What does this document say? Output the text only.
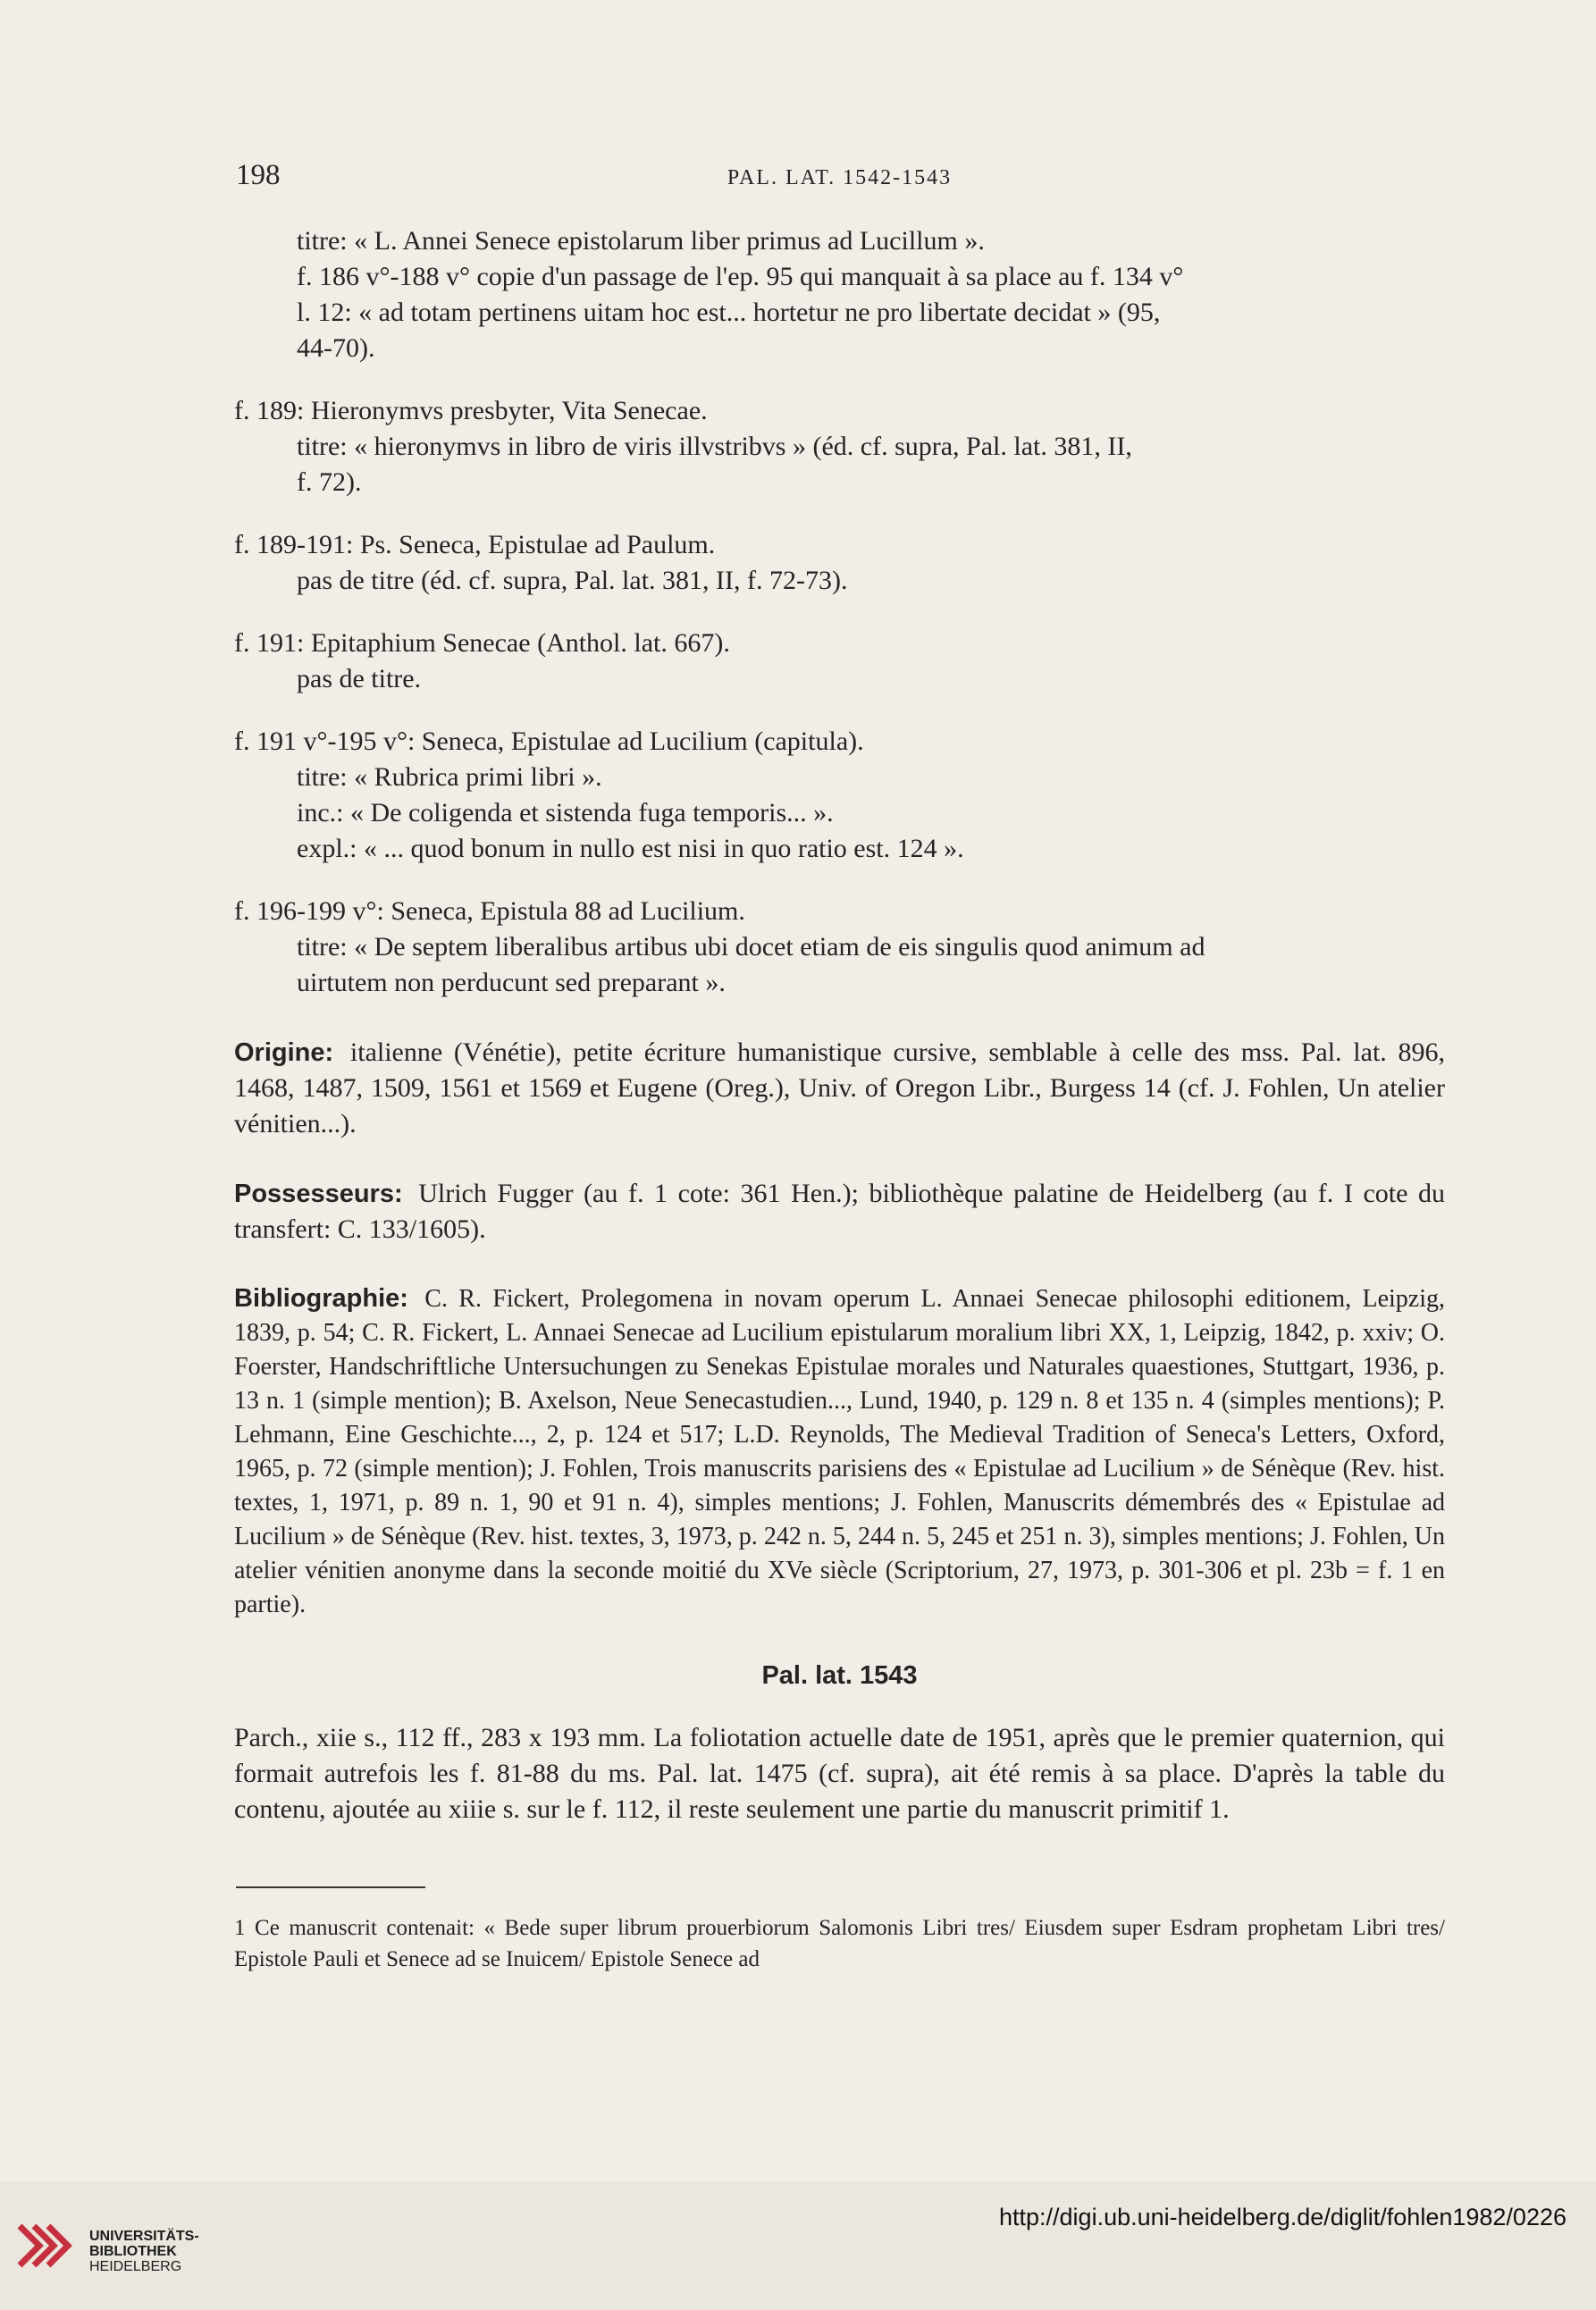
198	PAL. LAT. 1542-1543
titre: « L. Annei Senece epistolarum liber primus ad Lucillum ».
f. 186 v°-188 v° copie d'un passage de l'ep. 95 qui manquait à sa place au f. 134 v°
l. 12: « ad totam pertinens uitam hoc est... hortetur ne pro libertate decidat » (95,
44-70).
f. 189: Hieronymvs presbyter, Vita Senecae.
titre: « hieronymvs in libro de viris illvstribvs » (éd. cf. supra, Pal. lat. 381, II,
f. 72).
f. 189-191: Ps. Seneca, Epistulae ad Paulum.
pas de titre (éd. cf. supra, Pal. lat. 381, II, f. 72-73).
f. 191: Epitaphium Senecae (Anthol. lat. 667).
pas de titre.
f. 191 v°-195 v°: Seneca, Epistulae ad Lucilium (capitula).
titre: « Rubrica primi libri ».
inc.: « De coligenda et sistenda fuga temporis... ».
expl.: « ... quod bonum in nullo est nisi in quo ratio est. 124 ».
f. 196-199 v°: Seneca, Epistula 88 ad Lucilium.
titre: « De septem liberalibus artibus ubi docet etiam de eis singulis quod animum ad
uirtutem non perducunt sed preparant ».
Origine: italienne (Vénétie), petite écriture humanistique cursive, semblable à celle des mss. Pal. lat. 896, 1468, 1487, 1509, 1561 et 1569 et Eugene (Oreg.), Univ. of Oregon Libr., Burgess 14 (cf. J. Fohlen, Un atelier vénitien...).
Possesseurs: Ulrich Fugger (au f. 1 cote: 361 Hen.); bibliothèque palatine de Heidelberg (au f. I cote du transfert: C. 133/1605).
Bibliographie: C. R. Fickert, Prolegomena in novam operum L. Annaei Senecae philosophi editionem, Leipzig, 1839, p. 54; C. R. Fickert, L. Annaei Senecae ad Lucilium epistularum moralium libri XX, 1, Leipzig, 1842, p. xxiv; O. Foerster, Handschriftliche Untersuchungen zu Senekas Epistulae morales und Naturales quaestiones, Stuttgart, 1936, p. 13 n. 1 (simple mention); B. Axelson, Neue Senecastudien..., Lund, 1940, p. 129 n. 8 et 135 n. 4 (simples mentions); P. Lehmann, Eine Geschichte..., 2, p. 124 et 517; L.D. Reynolds, The Medieval Tradition of Seneca's Letters, Oxford, 1965, p. 72 (simple mention); J. Fohlen, Trois manuscrits parisiens des « Epistulae ad Lucilium » de Sénèque (Rev. hist. textes, 1, 1971, p. 89 n. 1, 90 et 91 n. 4), simples mentions; J. Fohlen, Manuscrits démembrés des « Epistulae ad Lucilium » de Sénèque (Rev. hist. textes, 3, 1973, p. 242 n. 5, 244 n. 5, 245 et 251 n. 3), simples mentions; J. Fohlen, Un atelier vénitien anonyme dans la seconde moitié du XVe siècle (Scriptorium, 27, 1973, p. 301-306 et pl. 23b = f. 1 en partie).
Pal. lat. 1543
Parch., xiie s., 112 ff., 283 x 193 mm. La foliotation actuelle date de 1951, après que le premier quaternion, qui formait autrefois les f. 81-88 du ms. Pal. lat. 1475 (cf. supra), ait été remis à sa place. D'après la table du contenu, ajoutée au xiiie s. sur le f. 112, il reste seulement une partie du manuscrit primitif 1.
1 Ce manuscrit contenait: « Bede super librum prouerbiorum Salomonis Libri tres/ Eiusdem super Esdram prophetam Libri tres/ Epistole Pauli et Senece ad se Inuicem/ Epistole Senece ad
UNIVERSITÄTS-
BIBLIOTHEK
HEIDELBERG
http://digi.ub.uni-heidelberg.de/diglit/fohlen1982/0226
